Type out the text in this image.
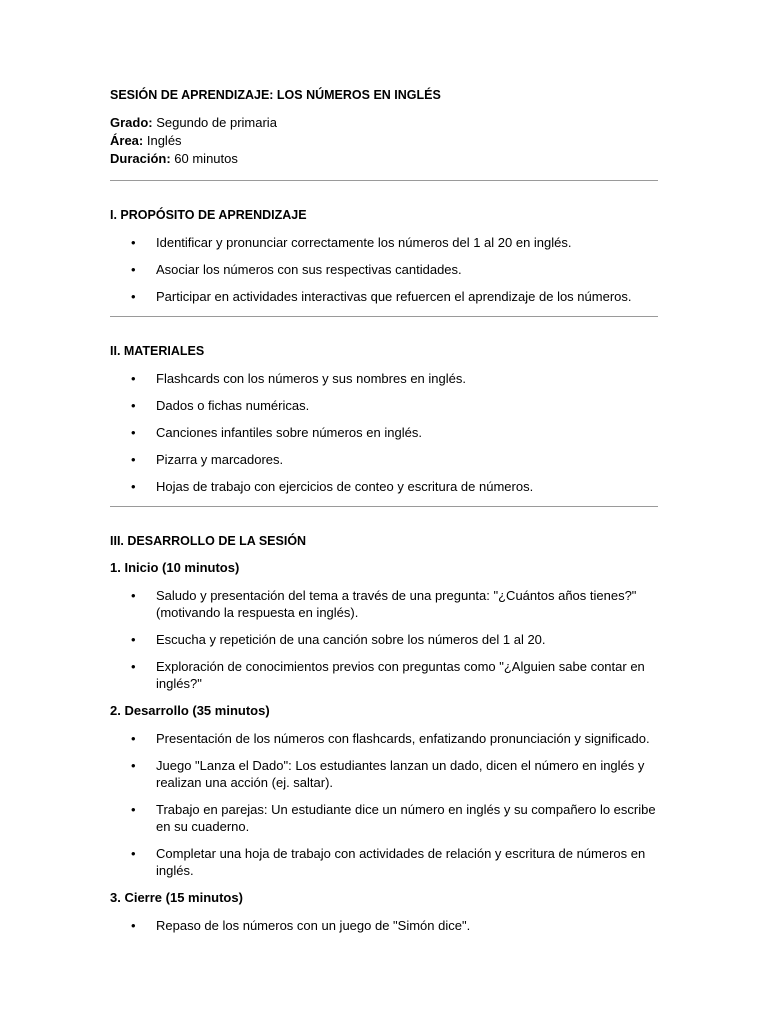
SESIÓN DE APRENDIZAJE: LOS NÚMEROS EN INGLÉS
Grado: Segundo de primaria
Área: Inglés
Duración: 60 minutos
I. PROPÓSITO DE APRENDIZAJE
• Identificar y pronunciar correctamente los números del 1 al 20 en inglés.
• Asociar los números con sus respectivas cantidades.
• Participar en actividades interactivas que refuercen el aprendizaje de los números.
II. MATERIALES
• Flashcards con los números y sus nombres en inglés.
• Dados o fichas numéricas.
• Canciones infantiles sobre números en inglés.
• Pizarra y marcadores.
• Hojas de trabajo con ejercicios de conteo y escritura de números.
III. DESARROLLO DE LA SESIÓN
1. Inicio (10 minutos)
• Saludo y presentación del tema a través de una pregunta: "¿Cuántos años tienes?" (motivando la respuesta en inglés).
• Escucha y repetición de una canción sobre los números del 1 al 20.
• Exploración de conocimientos previos con preguntas como "¿Alguien sabe contar en inglés?"
2. Desarrollo (35 minutos)
• Presentación de los números con flashcards, enfatizando pronunciación y significado.
• Juego "Lanza el Dado": Los estudiantes lanzan un dado, dicen el número en inglés y realizan una acción (ej. saltar).
• Trabajo en parejas: Un estudiante dice un número en inglés y su compañero lo escribe en su cuaderno.
• Completar una hoja de trabajo con actividades de relación y escritura de números en inglés.
3. Cierre (15 minutos)
• Repaso de los números con un juego de "Simón dice".
